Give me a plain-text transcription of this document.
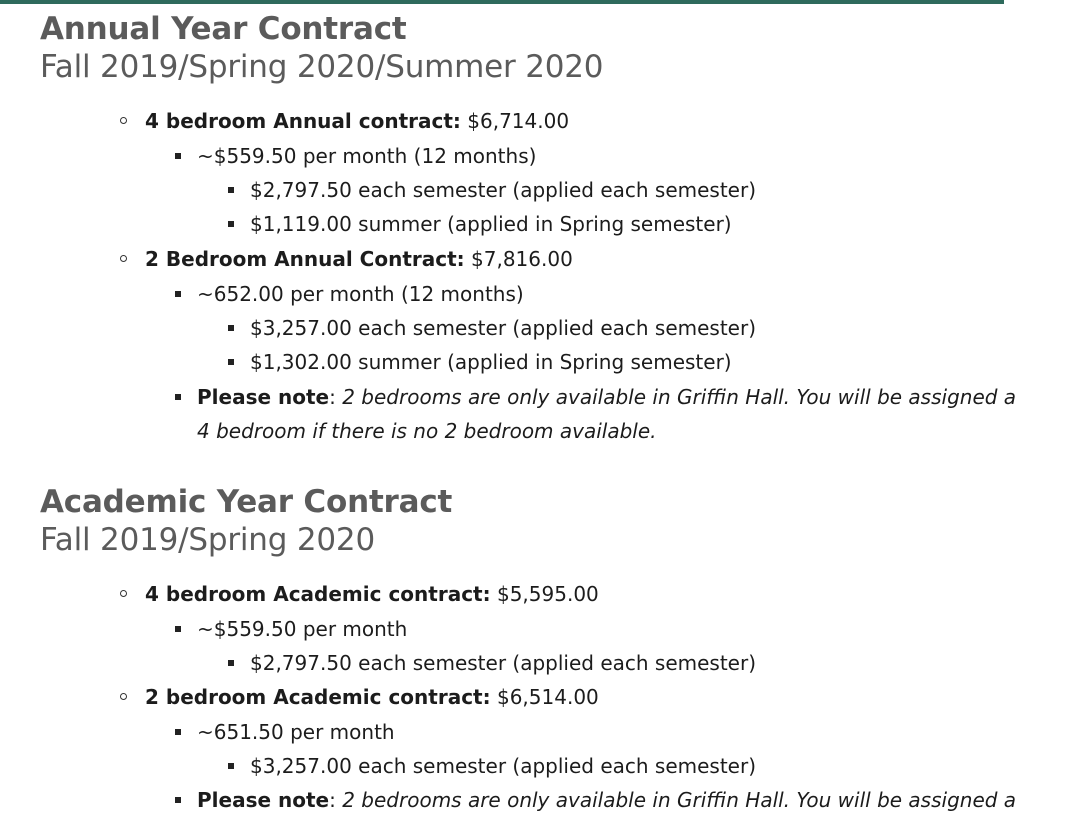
Annual Year Contract
Fall 2019/Spring 2020/Summer 2020
4 bedroom Annual contract: $6,714.00
~$559.50 per month (12 months)
$2,797.50 each semester (applied each semester)
$1,119.00 summer (applied in Spring semester)
2 Bedroom Annual Contract: $7,816.00
~652.00 per month (12 months)
$3,257.00 each semester (applied each semester)
$1,302.00 summer (applied in Spring semester)
Please note: 2 bedrooms are only available in Griffin Hall. You will be assigned a
4 bedroom if there is no 2 bedroom available.
Academic Year Contract
Fall 2019/Spring 2020
4 bedroom Academic contract: $5,595.00
~$559.50 per month
$2,797.50 each semester (applied each semester)
2 bedroom Academic contract: $6,514.00
~651.50 per month
$3,257.00 each semester (applied each semester)
Please note: 2 bedrooms are only available in Griffin Hall. You will be assigned a
